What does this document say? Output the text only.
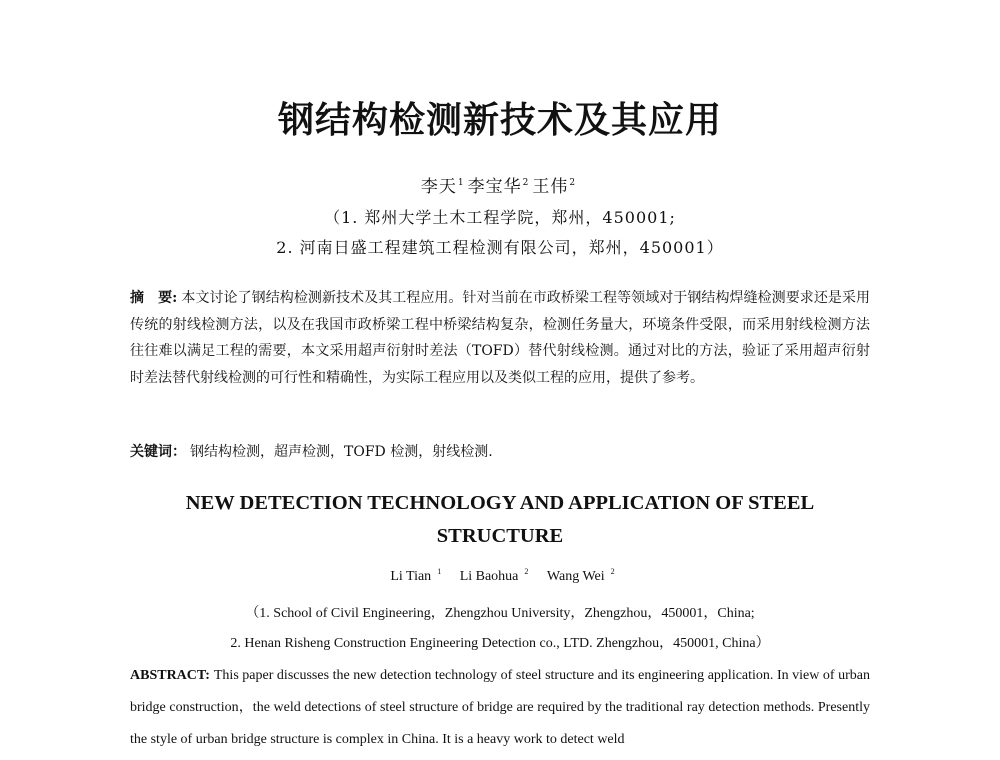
钢结构检测新技术及其应用
李天$^1$ 李宝华$^2$ 王伟$^2$
（1. 郑州大学土木工程学院，郑州，450001;
2. 河南日盛工程建筑工程检测有限公司，郑州，450001）
摘　要: 本文讨论了钢结构检测新技术及其工程应用。针对当前在市政桥梁工程等领域对于钢结构焊缝检测要求还是采用传统的射线检测方法，以及在我国市政桥梁工程中桥梁结构复杂，检测任务量大，环境条件受限，而采用射线检测方法往往难以满足工程的需要，本文采用超声衍射时差法（TOFD）替代射线检测。通过对比的方法，验证了采用超声衍射时差法替代射线检测的可行性和精确性，为实际工程应用以及类似工程的应用，提供了参考。
关键词： 钢结构检测，超声检测，TOFD 检测，射线检测.
NEW DETECTION TECHNOLOGY AND APPLICATION OF STEEL STRUCTURE
Li Tian $^1$ Li Baohua $^2$ Wang Wei $^2$
（1. School of Civil Engineering，Zhengzhou University，Zhengzhou，450001，China;
2. Henan Risheng Construction Engineering Detection co., LTD. Zhengzhou，450001, China）
ABSTRACT: This paper discusses the new detection technology of steel structure and its engineering application. In view of urban bridge construction，the weld detections of steel structure of bridge are required by the traditional ray detection methods. Presently the style of urban bridge structure is complex in China. It is a heavy work to detect weld
